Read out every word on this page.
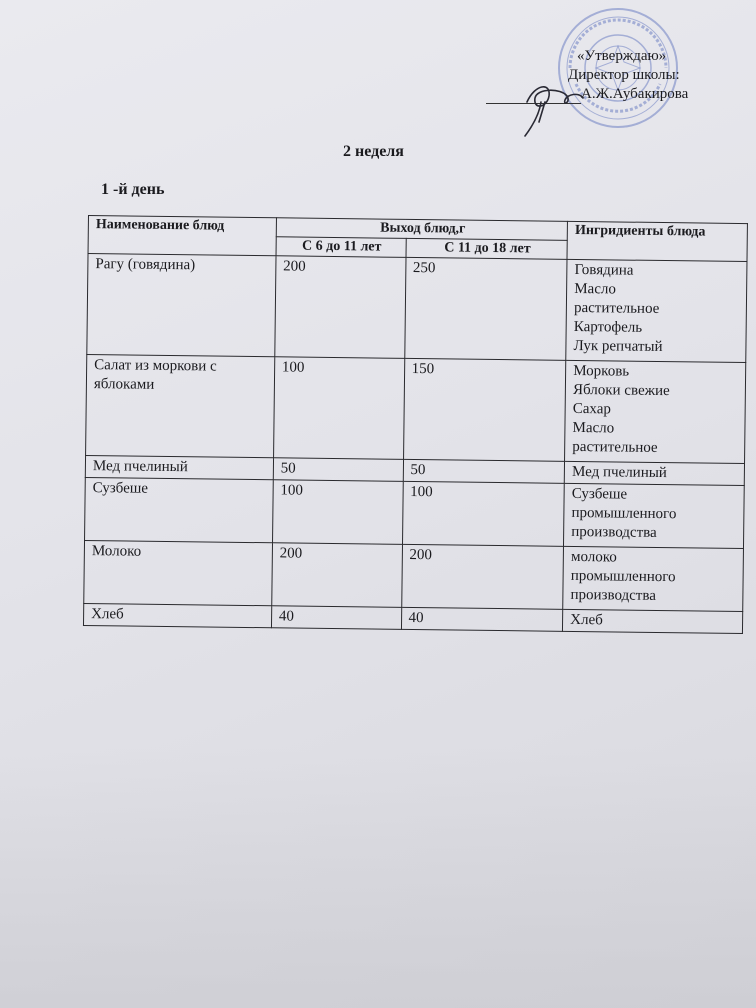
«Утверждаю»
Директор школы:
А.Ж.Аубакирова
2 неделя
1 -й день
Наименование блюд	Выход блюд,г		Ингридиенты блюда
	С 6 до 11 лет	С 11 до 18 лет	
Рагу (говядина)	200	250	Говядина
Масло
растительное
Картофель
Лук репчатый

Салат из моркови с яблоками	100	150	Морковь
Яблоки свежие
Сахар
Масло
растительное

Мед пчелиный	50	50	Мед пчелиный

Сузбеше	100	100	Сузбеше
промышленного
производства

Молоко	200	200	молоко
промышленного
производства

Хлеб	40	40	Хлеб
